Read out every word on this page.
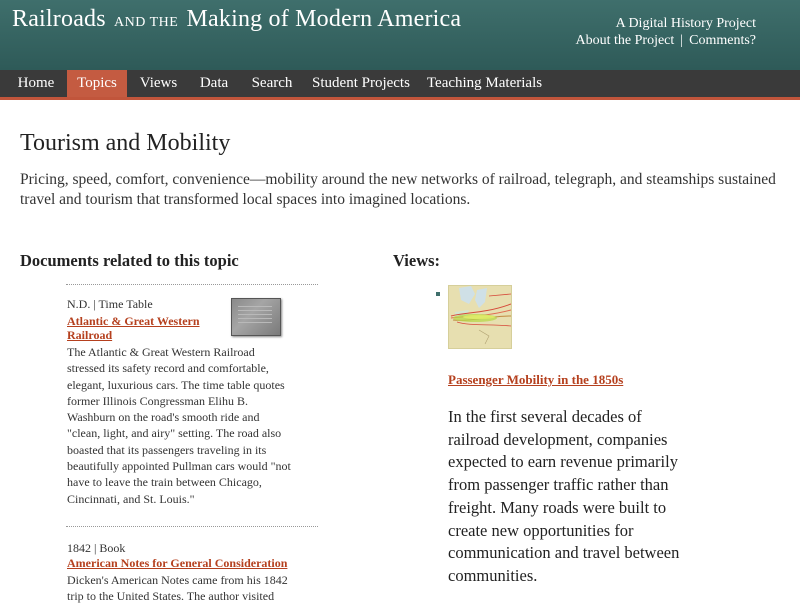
Railroads AND THE Making of Modern America	A Digital History Project
About the Project | Comments?
Home	Topics	Views	Data	Search	Student Projects	Teaching Materials
Tourism and Mobility
Pricing, speed, comfort, convenience—mobility around the new networks of railroad, telegraph, and steamships sustained travel and tourism that transformed local spaces into imagined locations.
Documents related to this topic
N.D. | Time Table
Atlantic & Great Western
Railroad
The Atlantic & Great Western Railroad stressed its safety record and comfortable, elegant, luxurious cars. The time table quotes former Illinois Congressman Elihu B. Washburn on the road's smooth ride and "clean, light, and airy" setting. The road also boasted that its passengers traveling in its beautifully appointed Pullman cars would "not have to leave the train between Chicago, Cincinnati, and St. Louis."
1842 | Book
American Notes for General Consideration
Dicken's American Notes came from his 1842 trip to the United States. The author visited
Views:
Passenger Mobility in the 1850s
In the first several decades of railroad development, companies expected to earn revenue primarily from passenger traffic rather than freight. Many roads were built to create new opportunities for communication and travel between communities.
